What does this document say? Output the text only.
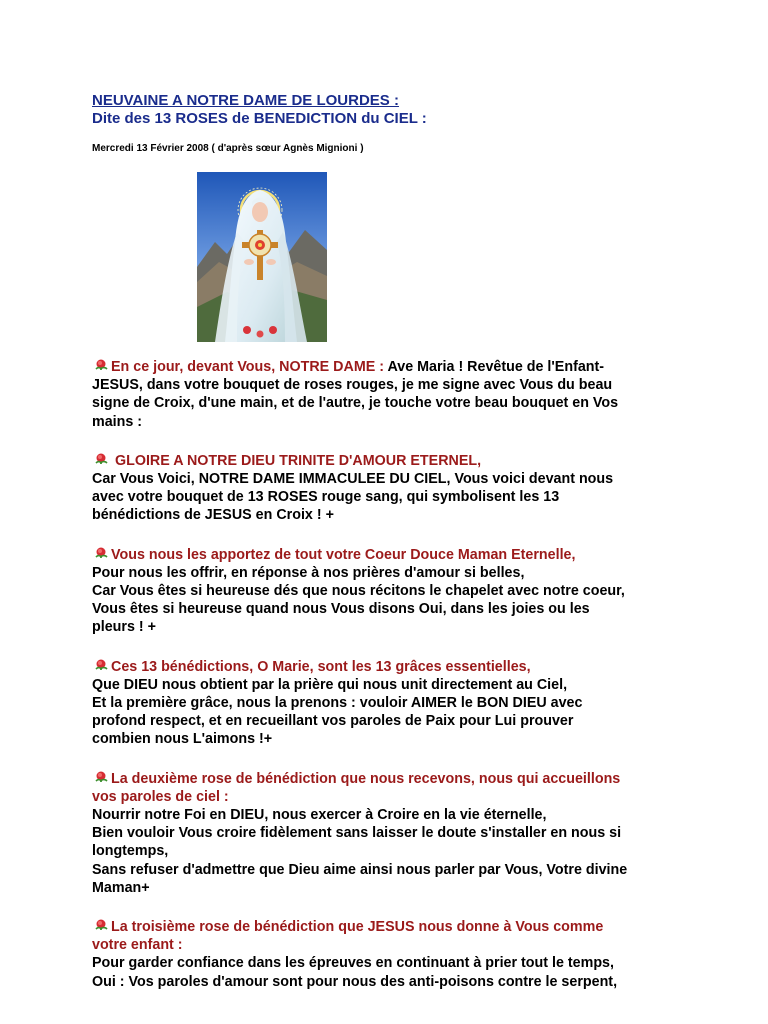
NEUVAINE A NOTRE DAME DE LOURDES :

Dite des 13 ROSES de BENEDICTION du CIEL :

Mercredi 13 Février 2008 ( d'après sœur Agnès Mignioni )
En ce jour, devant Vous, NOTRE DAME : Ave Maria ! Revêtue de l'Enfant-
JESUS, dans votre bouquet de roses rouges, je me signe avec Vous du beau
signe de Croix, d'une main, et de l'autre, je touche votre beau bouquet en Vos
mains :
GLOIRE A NOTRE DIEU TRINITE D'AMOUR ETERNEL,
Car Vous Voici, NOTRE DAME IMMACULEE DU CIEL, Vous voici devant nous
avec votre bouquet de 13 ROSES rouge sang, qui symbolisent les 13
bénédictions de JESUS en Croix ! +
Vous nous les apportez de tout votre Coeur Douce Maman Eternelle,
Pour nous les offrir, en réponse à nos prières d'amour si belles,
Car Vous êtes si heureuse dés que nous récitons le chapelet avec notre coeur,
Vous êtes si heureuse quand nous Vous disons Oui, dans les joies ou les
pleurs ! +
Ces 13 bénédictions, O Marie, sont les 13 grâces essentielles,
Que DIEU nous obtient par la prière qui nous unit directement au Ciel,
Et la première grâce, nous la prenons : vouloir AIMER le BON DIEU avec
profond respect, et en recueillant vos paroles de Paix pour Lui prouver
combien nous L'aimons !+
La deuxième rose de bénédiction que nous recevons, nous qui accueillons
vos paroles de ciel :
Nourrir notre Foi en DIEU, nous exercer à Croire en la vie éternelle,
Bien vouloir Vous croire fidèlement sans laisser le doute s'installer en nous si
longtemps,
Sans refuser d'admettre que Dieu aime ainsi nous parler par Vous, Votre divine
Maman+
La troisième rose de bénédiction que JESUS nous donne à Vous comme
votre enfant :
Pour garder confiance dans les épreuves en continuant à prier tout le temps,
Oui : Vos paroles d'amour sont pour nous des anti-poisons contre le serpent,
